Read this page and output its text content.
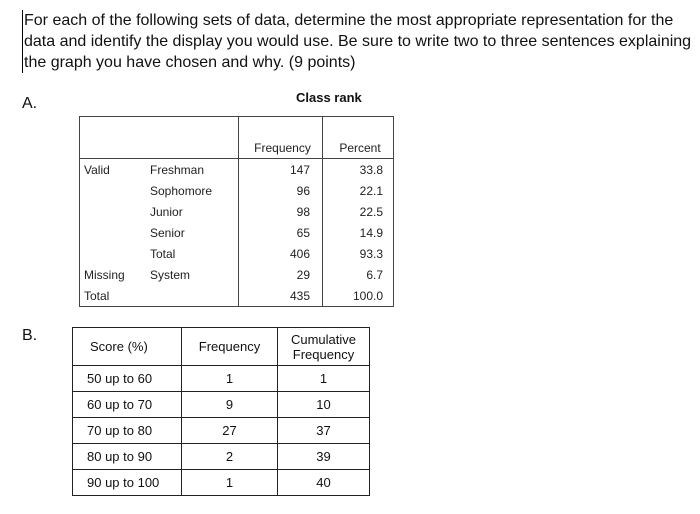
For each of the following sets of data, determine the most appropriate representation for the data and identify the display you would use. Be sure to write two to three sentences explaining the graph you have chosen and why. (9 points)

A.	Class rank
		Frequency	Percent
Valid	Freshman	147	33.8
	Sophomore	96	22.1
	Junior	98	22.5
	Senior	65	14.9
	Total	406	93.3
Missing	System	29	6.7
Total		435	100.0
B.
Score (%)	Frequency	Cumulative
Frequency

50 up to 60	1	1
60 up to 70	9	10
70 up to 80	27	37
80 up to 90	2	39
90 up to 100	1	40
